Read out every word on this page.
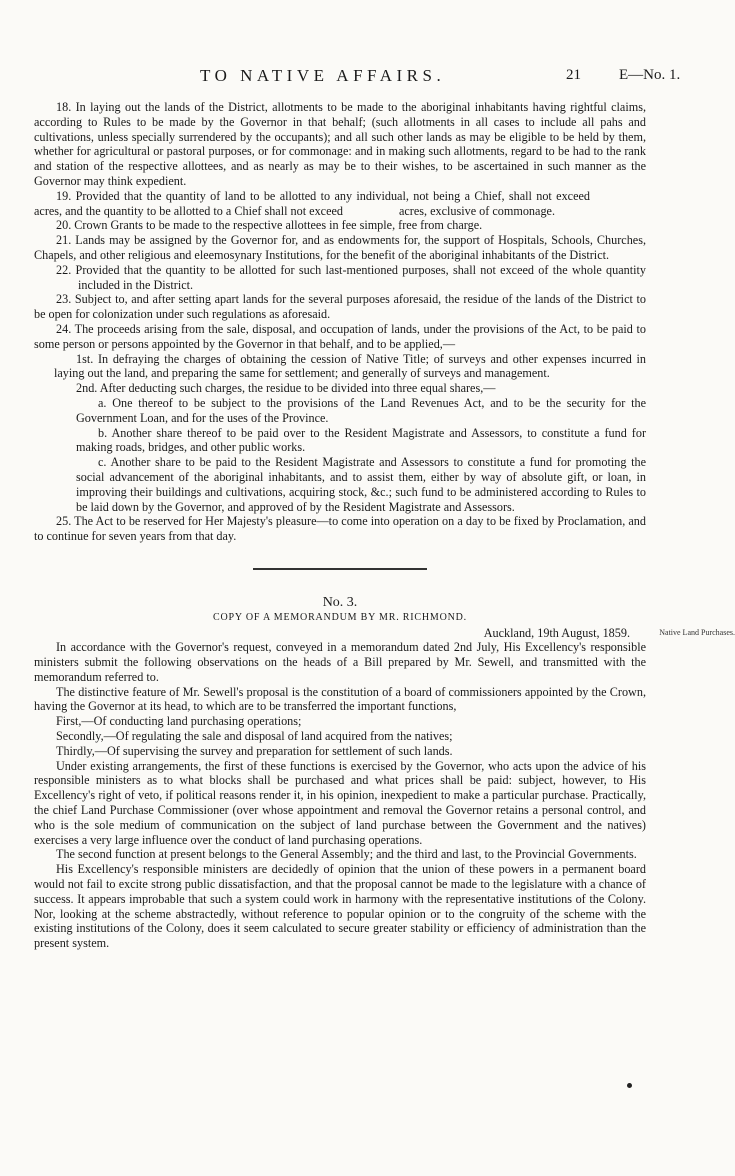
TO NATIVE AFFAIRS.	21	E—No. 1.

18. In laying out the lands of the District, allotments to be made to the aboriginal inhabitants having rightful claims, according to Rules to be made by the Governor in that behalf; (such allotments in all cases to include all pahs and cultivations, unless specially surrendered by the occupants); and all such other lands as may be eligible to be held by them, whether for agricultural or pastoral purposes, or for commonage: and in making such allotments, regard to be had to the rank and station of the respective allottees, and as nearly as may be to their wishes, to be ascertained in such manner as the Governor may think expedient.

19. Provided that the quantity of land to be allotted to any individual, not being a Chief, shall not exceedacres, and the quantity to be allotted to a Chief shall not exceed	acres, exclusive of commonage.

20. Crown Grants to be made to the respective allottees in fee simple, free from charge.

21. Lands may be assigned by the Governor for, and as endowments for, the support of Hospitals, Schools, Churches, Chapels, and other religious and eleemosynary Institutions, for the benefit of the aboriginal inhabitants of the District.

22. Provided that the quantity to be allotted for such last-mentioned purposes, shall not exceed of the whole quantity included in the District.

23. Subject to, and after setting apart lands for the several purposes aforesaid, the residue of the lands of the District to be open for colonization under such regulations as aforesaid.

24. The proceeds arising from the sale, disposal, and occupation of lands, under the provisions of the Act, to be paid to some person or persons appointed by the Governor in that behalf, and to be applied,—

1st. In defraying the charges of obtaining the cession of Native Title; of surveys and other expenses incurred in laying out the land, and preparing the same for settlement; and generally of surveys and management.

2nd. After deducting such charges, the residue to be divided into three equal shares,—

a. One thereof to be subject to the provisions of the Land Revenues Act, and to be the security for the Government Loan, and for the uses of the Province.

b. Another share thereof to be paid over to the Resident Magistrate and Assessors, to constitute a fund for making roads, bridges, and other public works.

c. Another share to be paid to the Resident Magistrate and Assessors to constitute a fund for promoting the social advancement of the aboriginal inhabitants, and to assist them, either by way of absolute gift, or loan, in improving their buildings and cultivations, acquiring stock, &c.; such fund to be administered according to Rules to be laid down by the Governor, and approved of by the Resident Magistrate and Assessors.

25. The Act to be reserved for Her Majesty's pleasure—to come into operation on a day to be fixed by Proclamation, and to continue for seven years from that day.

No. 3.

COPY OF A MEMORANDUM BY MR. RICHMOND.

Auckland, 19th August, 1859.	Native Land Purchases.

In accordance with the Governor's request, conveyed in a memorandum dated 2nd July, His Excellency's responsible ministers submit the following observations on the heads of a Bill prepared by Mr. Sewell, and transmitted with the memorandum referred to.

The distinctive feature of Mr. Sewell's proposal is the constitution of a board of commissioners appointed by the Crown, having the Governor at its head, to which are to be transferred the important functions,

First,—Of conducting land purchasing operations;

Secondly,—Of regulating the sale and disposal of land acquired from the natives;

Thirdly,—Of supervising the survey and preparation for settlement of such lands.

Under existing arrangements, the first of these functions is exercised by the Governor, who acts upon the advice of his responsible ministers as to what blocks shall be purchased and what prices shall be paid: subject, however, to His Excellency's right of veto, if political reasons render it, in his opinion, inexpedient to make a particular purchase. Practically, the chief Land Purchase Commissioner (over whose appointment and removal the Governor retains a personal control, and who is the sole medium of communication on the subject of land purchase between the Government and the natives) exercises a very large influence over the conduct of land purchasing operations.

The second function at present belongs to the General Assembly; and the third and last, to the Provincial Governments.

His Excellency's responsible ministers are decidedly of opinion that the union of these powers in a permanent board would not fail to excite strong public dissatisfaction, and that the proposal cannot be made to the legislature with a chance of success. It appears improbable that such a system could work in harmony with the representative institutions of the Colony. Nor, looking at the scheme abstractedly, without reference to popular opinion or to the congruity of the scheme with the existing institutions of the Colony, does it seem calculated to secure greater stability or efficiency of administration than the present system.
